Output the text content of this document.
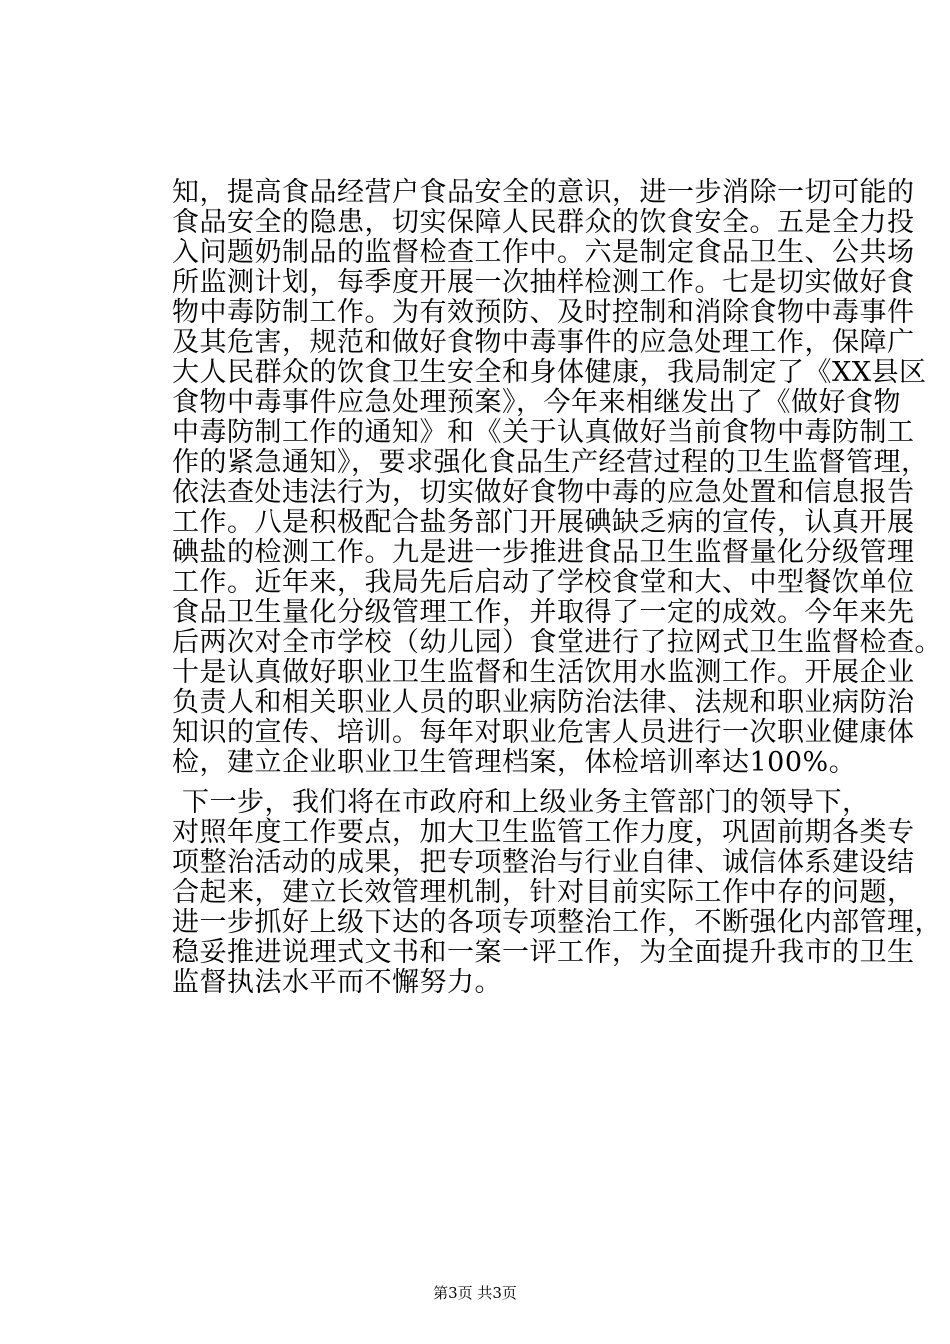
知，提高食品经营户食品安全的意识，进一步消除一切可能的
食品安全的隐患，切实保障人民群众的饮食安全。五是全力投
入问题奶制品的监督检查工作中。六是制定食品卫生、公共场
所监测计划，每季度开展一次抽样检测工作。七是切实做好食
物中毒防制工作。为有效预防、及时控制和消除食物中毒事件
及其危害，规范和做好食物中毒事件的应急处理工作，保障广
大人民群众的饮食卫生安全和身体健康，我局制定了《XX县区
食物中毒事件应急处理预案》，今年来相继发出了《做好食物
中毒防制工作的通知》和《关于认真做好当前食物中毒防制工
作的紧急通知》，要求强化食品生产经营过程的卫生监督管理，
依法查处违法行为，切实做好食物中毒的应急处置和信息报告
工作。八是积极配合盐务部门开展碘缺乏病的宣传，认真开展
碘盐的检测工作。九是进一步推进食品卫生监督量化分级管理
工作。近年来，我局先后启动了学校食堂和大、中型餐饮单位
食品卫生量化分级管理工作，并取得了一定的成效。今年来先
后两次对全市学校（幼儿园）食堂进行了拉网式卫生监督检查。
十是认真做好职业卫生监督和生活饮用水监测工作。开展企业
负责人和相关职业人员的职业病防治法律、法规和职业病防治
知识的宣传、培训。每年对职业危害人员进行一次职业健康体
检，建立企业职业卫生管理档案，体检培训率达100%。
下一步，我们将在市政府和上级业务主管部门的领导下，
对照年度工作要点，加大卫生监管工作力度，巩固前期各类专
项整治活动的成果，把专项整治与行业自律、诚信体系建设结
合起来，建立长效管理机制，针对目前实际工作中存的问题，
进一步抓好上级下达的各项专项整治工作，不断强化内部管理，
稳妥推进说理式文书和一案一评工作，为全面提升我市的卫生
监督执法水平而不懈努力。
第3页 共3页
